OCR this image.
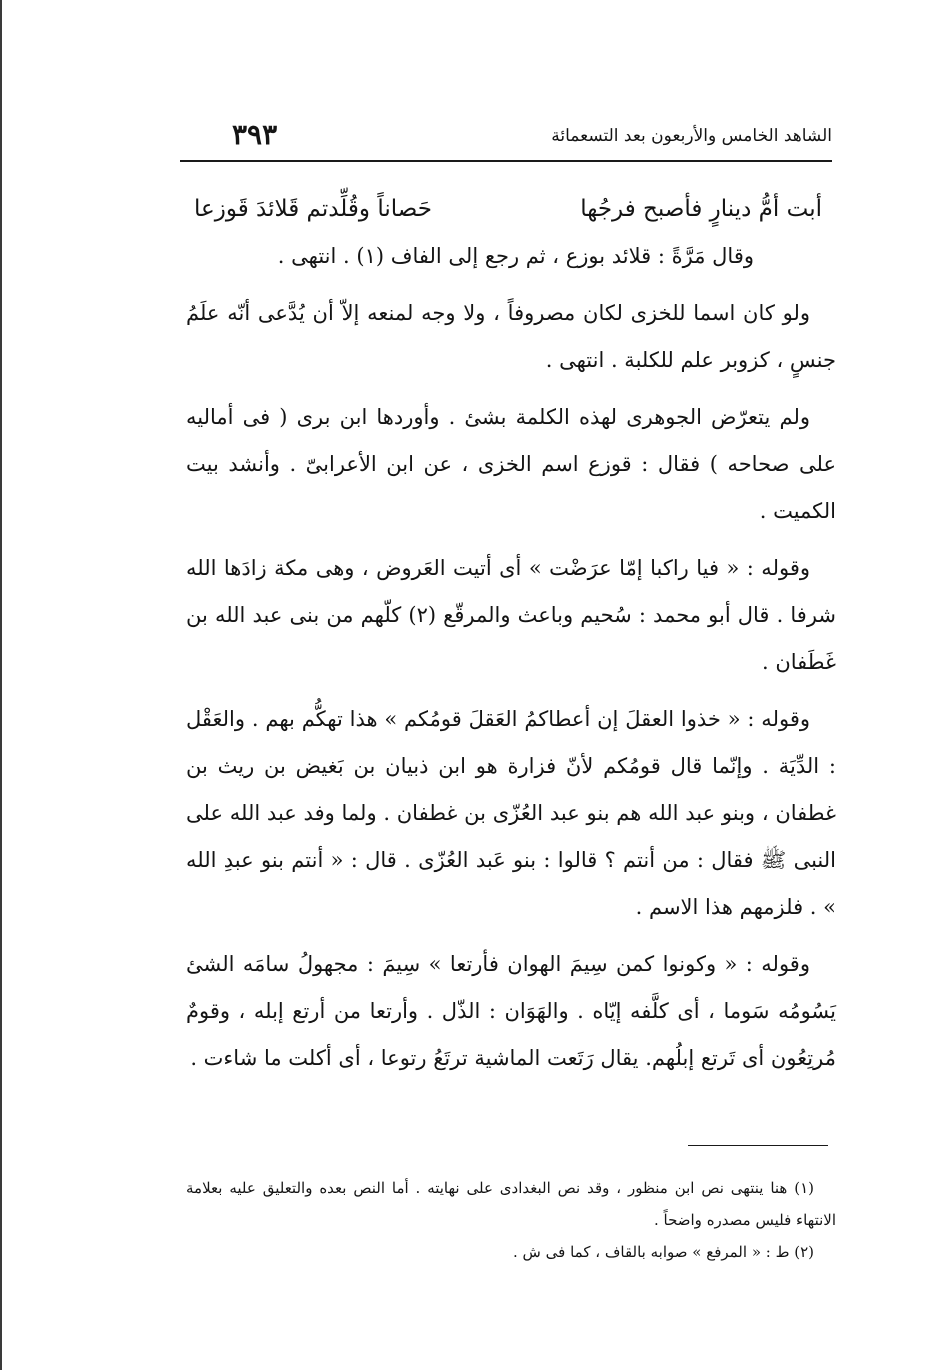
٣٩٣	الشاهد الخامس والأربعون بعد التسعمائة
أبت أمُّ دينارٍ فأصبح فرجُها
حَصاناً وقُلِّدتم قَلائدَ قَوزعا

وقال مَرَّةً : قلائد بوزع ، ثم رجع إلى الفاف (١) . انتهى .

ولو كان اسما للخزى لكان مصروفاً ، ولا وجه لمنعه إلاّ أن يُدَّعى أنّه علَمُ جنسٍ ، كزوبر علم للكلبة . انتهى .

ولم يتعرّض الجوهرى لهذه الكلمة بشئ . وأوردها ابن برى ( فى أماليه على صحاحه ) فقال : قوزع اسم الخزى ، عن ابن الأعرابىّ . وأنشد بيت الكميت .

وقوله : « فيا راكبا إمّا عرَضْت » أى أتيت العَروض ، وهى مكة زادَها الله شرفا . قال أبو محمد : سُحيم وباعث والمرقّع (٢) كلّهم من بنى عبد الله بن غَطَفان .

وقوله : « خذوا العقلَ إن أعطاكمُ العَقلَ قومُكم » هذا تهكُّم بهم . والعَقْل : الدِّيَة . وإنّما قال قومُكم لأنّ فزارة هو ابن ذبيان بن بَغيض بن ريث بن غطفان ، وبنو عبد الله هم بنو عبد العُزّى بن غطفان . ولما وفد عبد الله على النبى ﷺ فقال : من أنتم ؟ قالوا : بنو عَبد العُزّى . قال : « أنتم بنو عبدِ الله » . فلزمهم هذا الاسم .

وقوله : « وكونوا كمن سِيمَ الهوان فأرتعا » سِيمَ : مجهولُ سامَه الشئ يَسُومُه سَوما ، أى كلَّفه إيّاه . والهَوَان : الذّل . وأرتعا من أرتع إبله ، وقومٌ مُرتِعُون أى تَرتع إبلُهم. يقال رَتَعت الماشية ترتَعُ رتوعا ، أى أكلت ما شاءت .

(١) هنا ينتهى نص ابن منظور ، وقد نص البغدادى على نهايته . أما النص بعده والتعليق عليه بعلامة الانتهاء فليس مصدره واضحاً .

(٢) ط : « المرفع » صوابه بالقاف ، كما فى ش .
